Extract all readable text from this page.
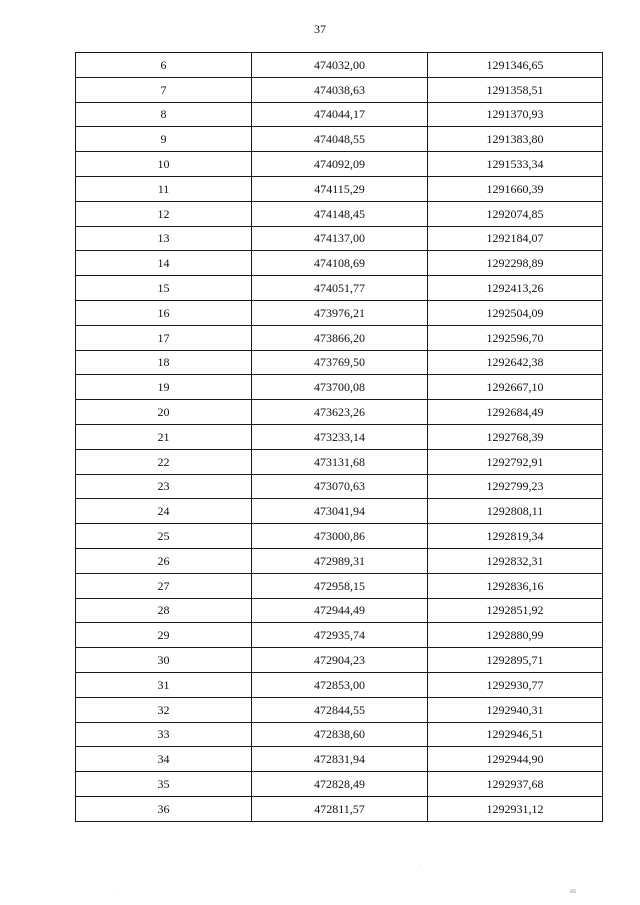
37
6	474032,00	1291346,65
7	474038,63	1291358,51
8	474044,17	1291370,93
9	474048,55	1291383,80
10	474092,09	1291533,34
11	474115,29	1291660,39
12	474148,45	1292074,85
13	474137,00	1292184,07
14	474108,69	1292298,89
15	474051,77	1292413,26
16	473976,21	1292504,09
17	473866,20	1292596,70
18	473769,50	1292642,38
19	473700,08	1292667,10
20	473623,26	1292684,49
21	473233,14	1292768,39
22	473131,68	1292792,91
23	473070,63	1292799,23
24	473041,94	1292808,11
25	473000,86	1292819,34
26	472989,31	1292832,31
27	472958,15	1292836,16
28	472944,49	1292851,92
29	472935,74	1292880,99
30	472904,23	1292895,71
31	472853,00	1292930,77
32	472844,55	1292940,31
33	472838,60	1292946,51
34	472831,94	1292944,90
35	472828,49	1292937,68
36	472811,57	1292931,12
·
·
ⅠⅠⅠ
